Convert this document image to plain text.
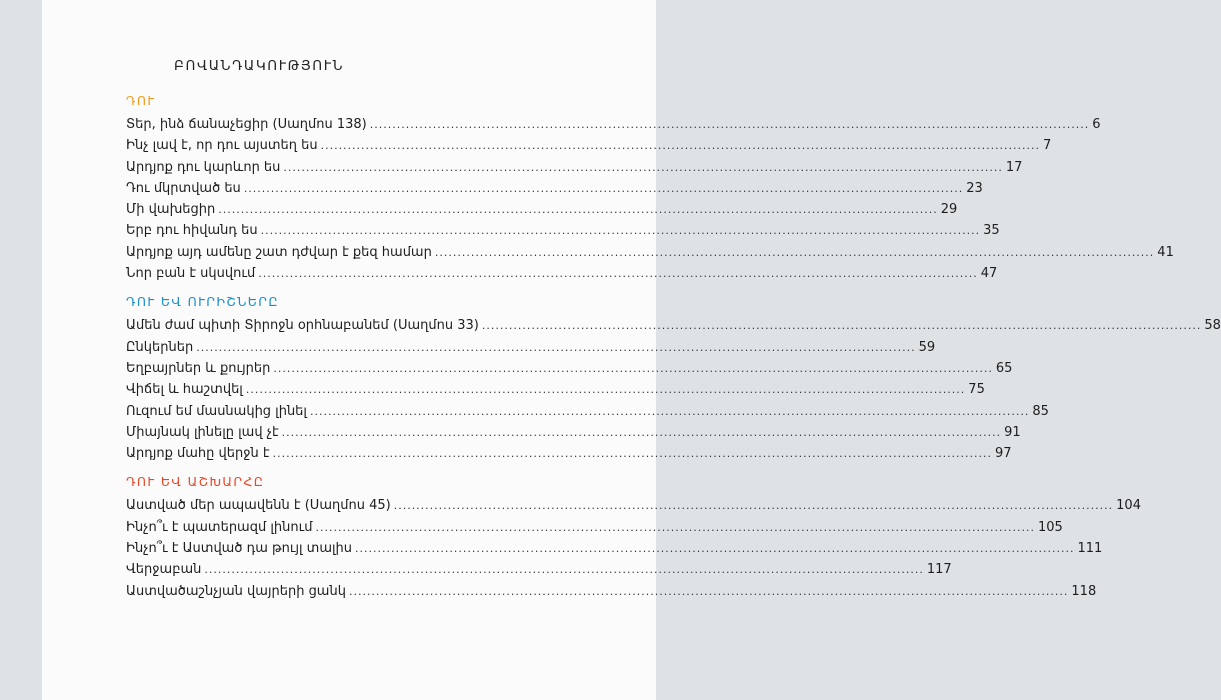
ԲՈՎԱՆԴԱԿՈՒԹՅՈՒՆ
ԴՈՒ
Տեր, ինձ ճանաչեցիր (Սաղմոս 138) ................................................................................................................................................................ 6
Ինչ լավ է, որ դու այստեղ ես ................................................................................................................................................................ 7
Արդյոք դու կարևոր ես ................................................................................................................................................................ 17
Դու մկրտված ես ................................................................................................................................................................ 23
Մի վախեցիր ................................................................................................................................................................ 29
Երբ դու հիվանդ ես ................................................................................................................................................................ 35
Արդյոք այդ ամենը շատ դժվար է քեզ համար ................................................................................................................................................................ 41
Նոր բան է սկսվում ................................................................................................................................................................ 47
ԴՈՒ ԵՎ ՈՒՐԻՇՆԵՐԸ
Ամեն ժամ պիտի Տիրոջն օրհնաբանեմ (Սաղմոս 33) ................................................................................................................................................................ 58
Ընկերներ ................................................................................................................................................................ 59
Եղբայրներ և քույրեր ................................................................................................................................................................ 65
Վիճել և հաշտվել ................................................................................................................................................................ 75
Ուզում եմ մասնակից լինել ................................................................................................................................................................ 85
Միայնակ լինելը լավ չէ ................................................................................................................................................................ 91
Արդյոք մահը վերջն է ................................................................................................................................................................ 97
ԴՈՒ ԵՎ ԱՇԽԱՐՀԸ
Աստված մեր ապավենն է (Սաղմոս 45) ................................................................................................................................................................ 104
Ինչո՞ւ է պատերազմ լինում ................................................................................................................................................................ 105
Ինչո՞ւ է Աստված դա թույլ տալիս ................................................................................................................................................................ 111
Վերջաբան ................................................................................................................................................................ 117
Աստվածաշնչյան վայրերի ցանկ ................................................................................................................................................................ 118
